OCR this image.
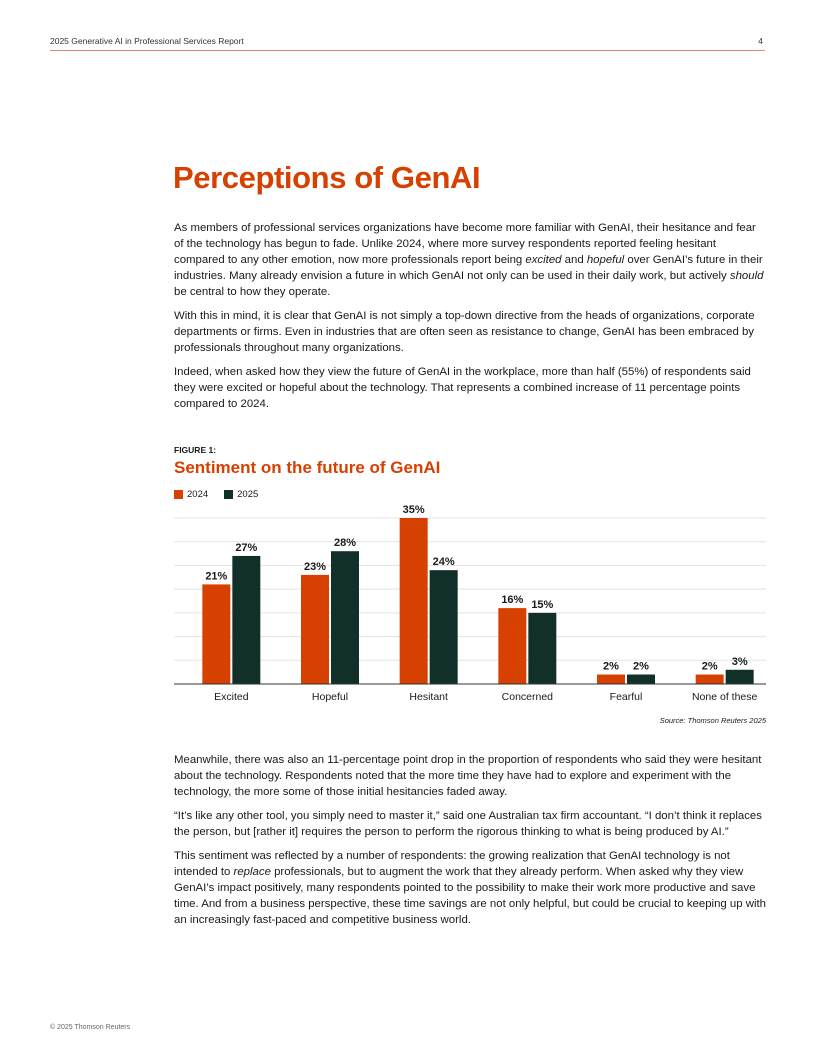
2025 Generative AI in Professional Services Report	4
Perceptions of GenAI

As members of professional services organizations have become more familiar with GenAI, their hesitance and fear of the technology has begun to fade. Unlike 2024, where more survey respondents reported feeling hesitant compared to any other emotion, now more professionals report being excited and hopeful over GenAI’s future in their industries. Many already envision a future in which GenAI not only can be used in their daily work, but actively should be central to how they operate.

With this in mind, it is clear that GenAI is not simply a top-down directive from the heads of organizations, corporate departments or firms. Even in industries that are often seen as resistance to change, GenAI has been embraced by professionals throughout many organizations.

Indeed, when asked how they view the future of GenAI in the workplace, more than half (55%) of respondents said they were excited or hopeful about the technology. That represents a combined increase of 11 percentage points compared to 2024.

FIGURE 1:
Sentiment on the future of GenAI
2024	2025
21%
27%
Excited
23%
28%
Hopeful
35%
24%
Hesitant
16% 15%
Concerned
2% 2%
Fearful
2% 3%
None of these
Source: Thomson Reuters 2025

Meanwhile, there was also an 11-percentage point drop in the proportion of respondents who said they were hesitant about the technology. Respondents noted that the more time they have had to explore and experiment with the technology, the more some of those initial hesitancies faded away.

“It’s like any other tool, you simply need to master it,” said one Australian tax firm accountant. “I don’t think it replaces the person, but [rather it] requires the person to perform the rigorous thinking to what is being produced by AI.”

This sentiment was reflected by a number of respondents: the growing realization that GenAI technology is not intended to replace professionals, but to augment the work that they already perform. When asked why they view GenAI’s impact positively, many respondents pointed to the possibility to make their work more productive and save time. And from a business perspective, these time savings are not only helpful, but could be crucial to keeping up with an increasingly fast-paced and competitive business world.

© 2025 Thomson Reuters
